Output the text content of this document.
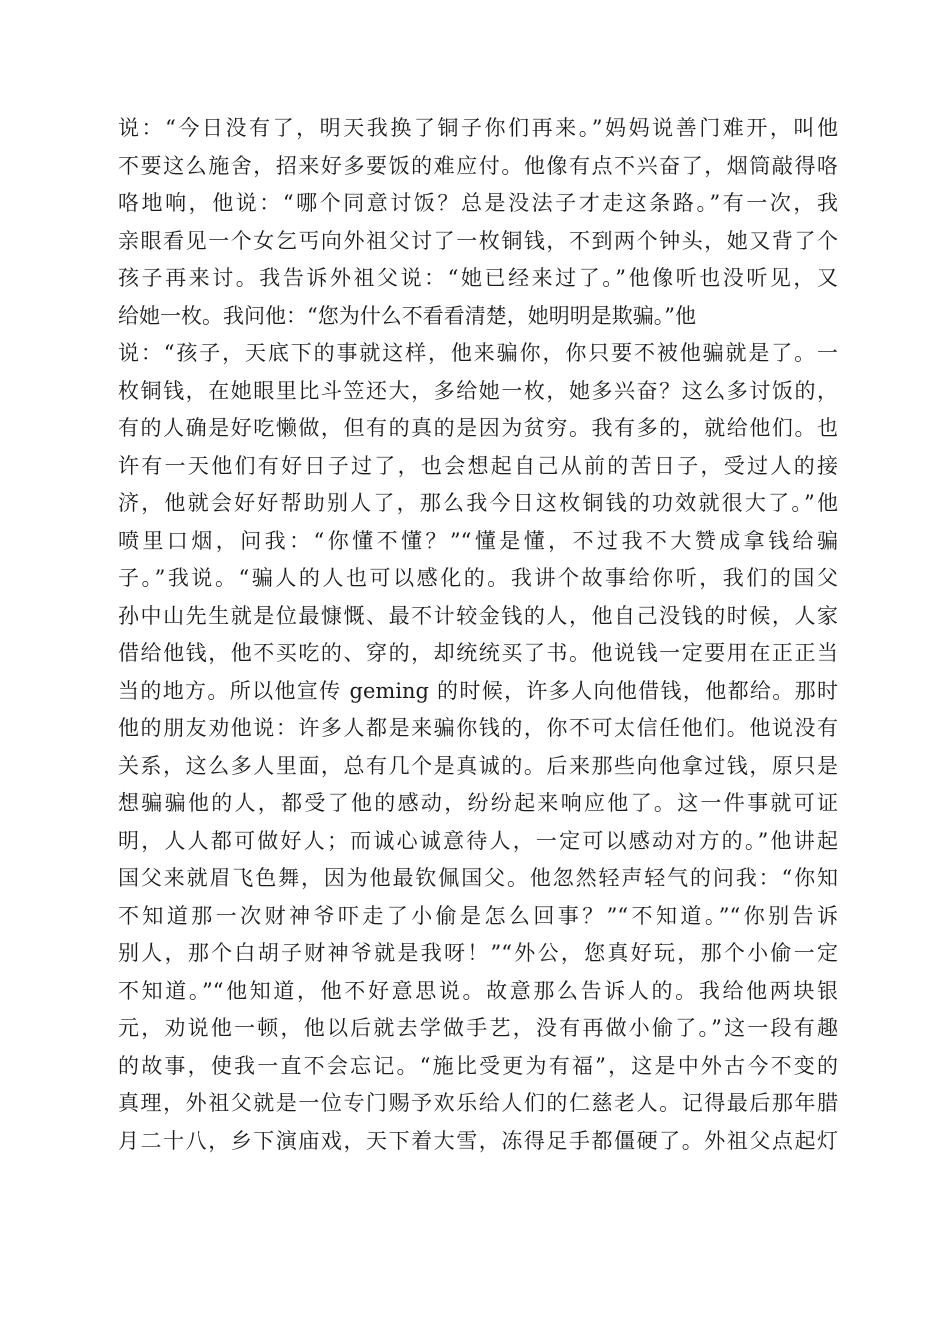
说：“今日没有了，明天我换了铜子你们再来。”妈妈说善门难开，叫他
不要这么施舍，招来好多要饭的难应付。他像有点不兴奋了，烟筒敲得咯
咯地响，他说：“哪个同意讨饭？总是没法子才走这条路。”有一次，我
亲眼看见一个女乞丐向外祖父讨了一枚铜钱，不到两个钟头，她又背了个
孩子再来讨。我告诉外祖父说：“她已经来过了。”他像听也没听见，又
给她一枚。我问他：“您为什么不看看清楚，她明明是欺骗。”他
说：“孩子，天底下的事就这样，他来骗你，你只要不被他骗就是了。一
枚铜钱，在她眼里比斗笠还大，多给她一枚，她多兴奋？这么多讨饭的，
有的人确是好吃懒做，但有的真的是因为贫穷。我有多的，就给他们。也
许有一天他们有好日子过了，也会想起自己从前的苦日子，受过人的接
济，他就会好好帮助别人了，那么我今日这枚铜钱的功效就很大了。”他
喷里口烟，问我：“你懂不懂？”“懂是懂，不过我不大赞成拿钱给骗
子。”我说。“骗人的人也可以感化的。我讲个故事给你听，我们的国父
孙中山先生就是位最慷慨、最不计较金钱的人，他自己没钱的时候，人家
借给他钱，他不买吃的、穿的，却统统买了书。他说钱一定要用在正正当
当的地方。所以他宣传 geming 的时候，许多人向他借钱，他都给。那时
他的朋友劝他说：许多人都是来骗你钱的，你不可太信任他们。他说没有
关系，这么多人里面，总有几个是真诚的。后来那些向他拿过钱，原只是
想骗骗他的人，都受了他的感动，纷纷起来响应他了。这一件事就可证
明，人人都可做好人；而诚心诚意待人，一定可以感动对方的。”他讲起
国父来就眉飞色舞，因为他最钦佩国父。他忽然轻声轻气的问我：“你知
不知道那一次财神爷吓走了小偷是怎么回事？”“不知道。”“你别告诉
别人，那个白胡子财神爷就是我呀！”“外公，您真好玩，那个小偷一定
不知道。”“他知道，他不好意思说。故意那么告诉人的。我给他两块银
元，劝说他一顿，他以后就去学做手艺，没有再做小偷了。”这一段有趣
的故事，使我一直不会忘记。“施比受更为有福”，这是中外古今不变的
真理，外祖父就是一位专门赐予欢乐给人们的仁慈老人。记得最后那年腊
月二十八，乡下演庙戏，天下着大雪，冻得足手都僵硬了。外祖父点起灯
